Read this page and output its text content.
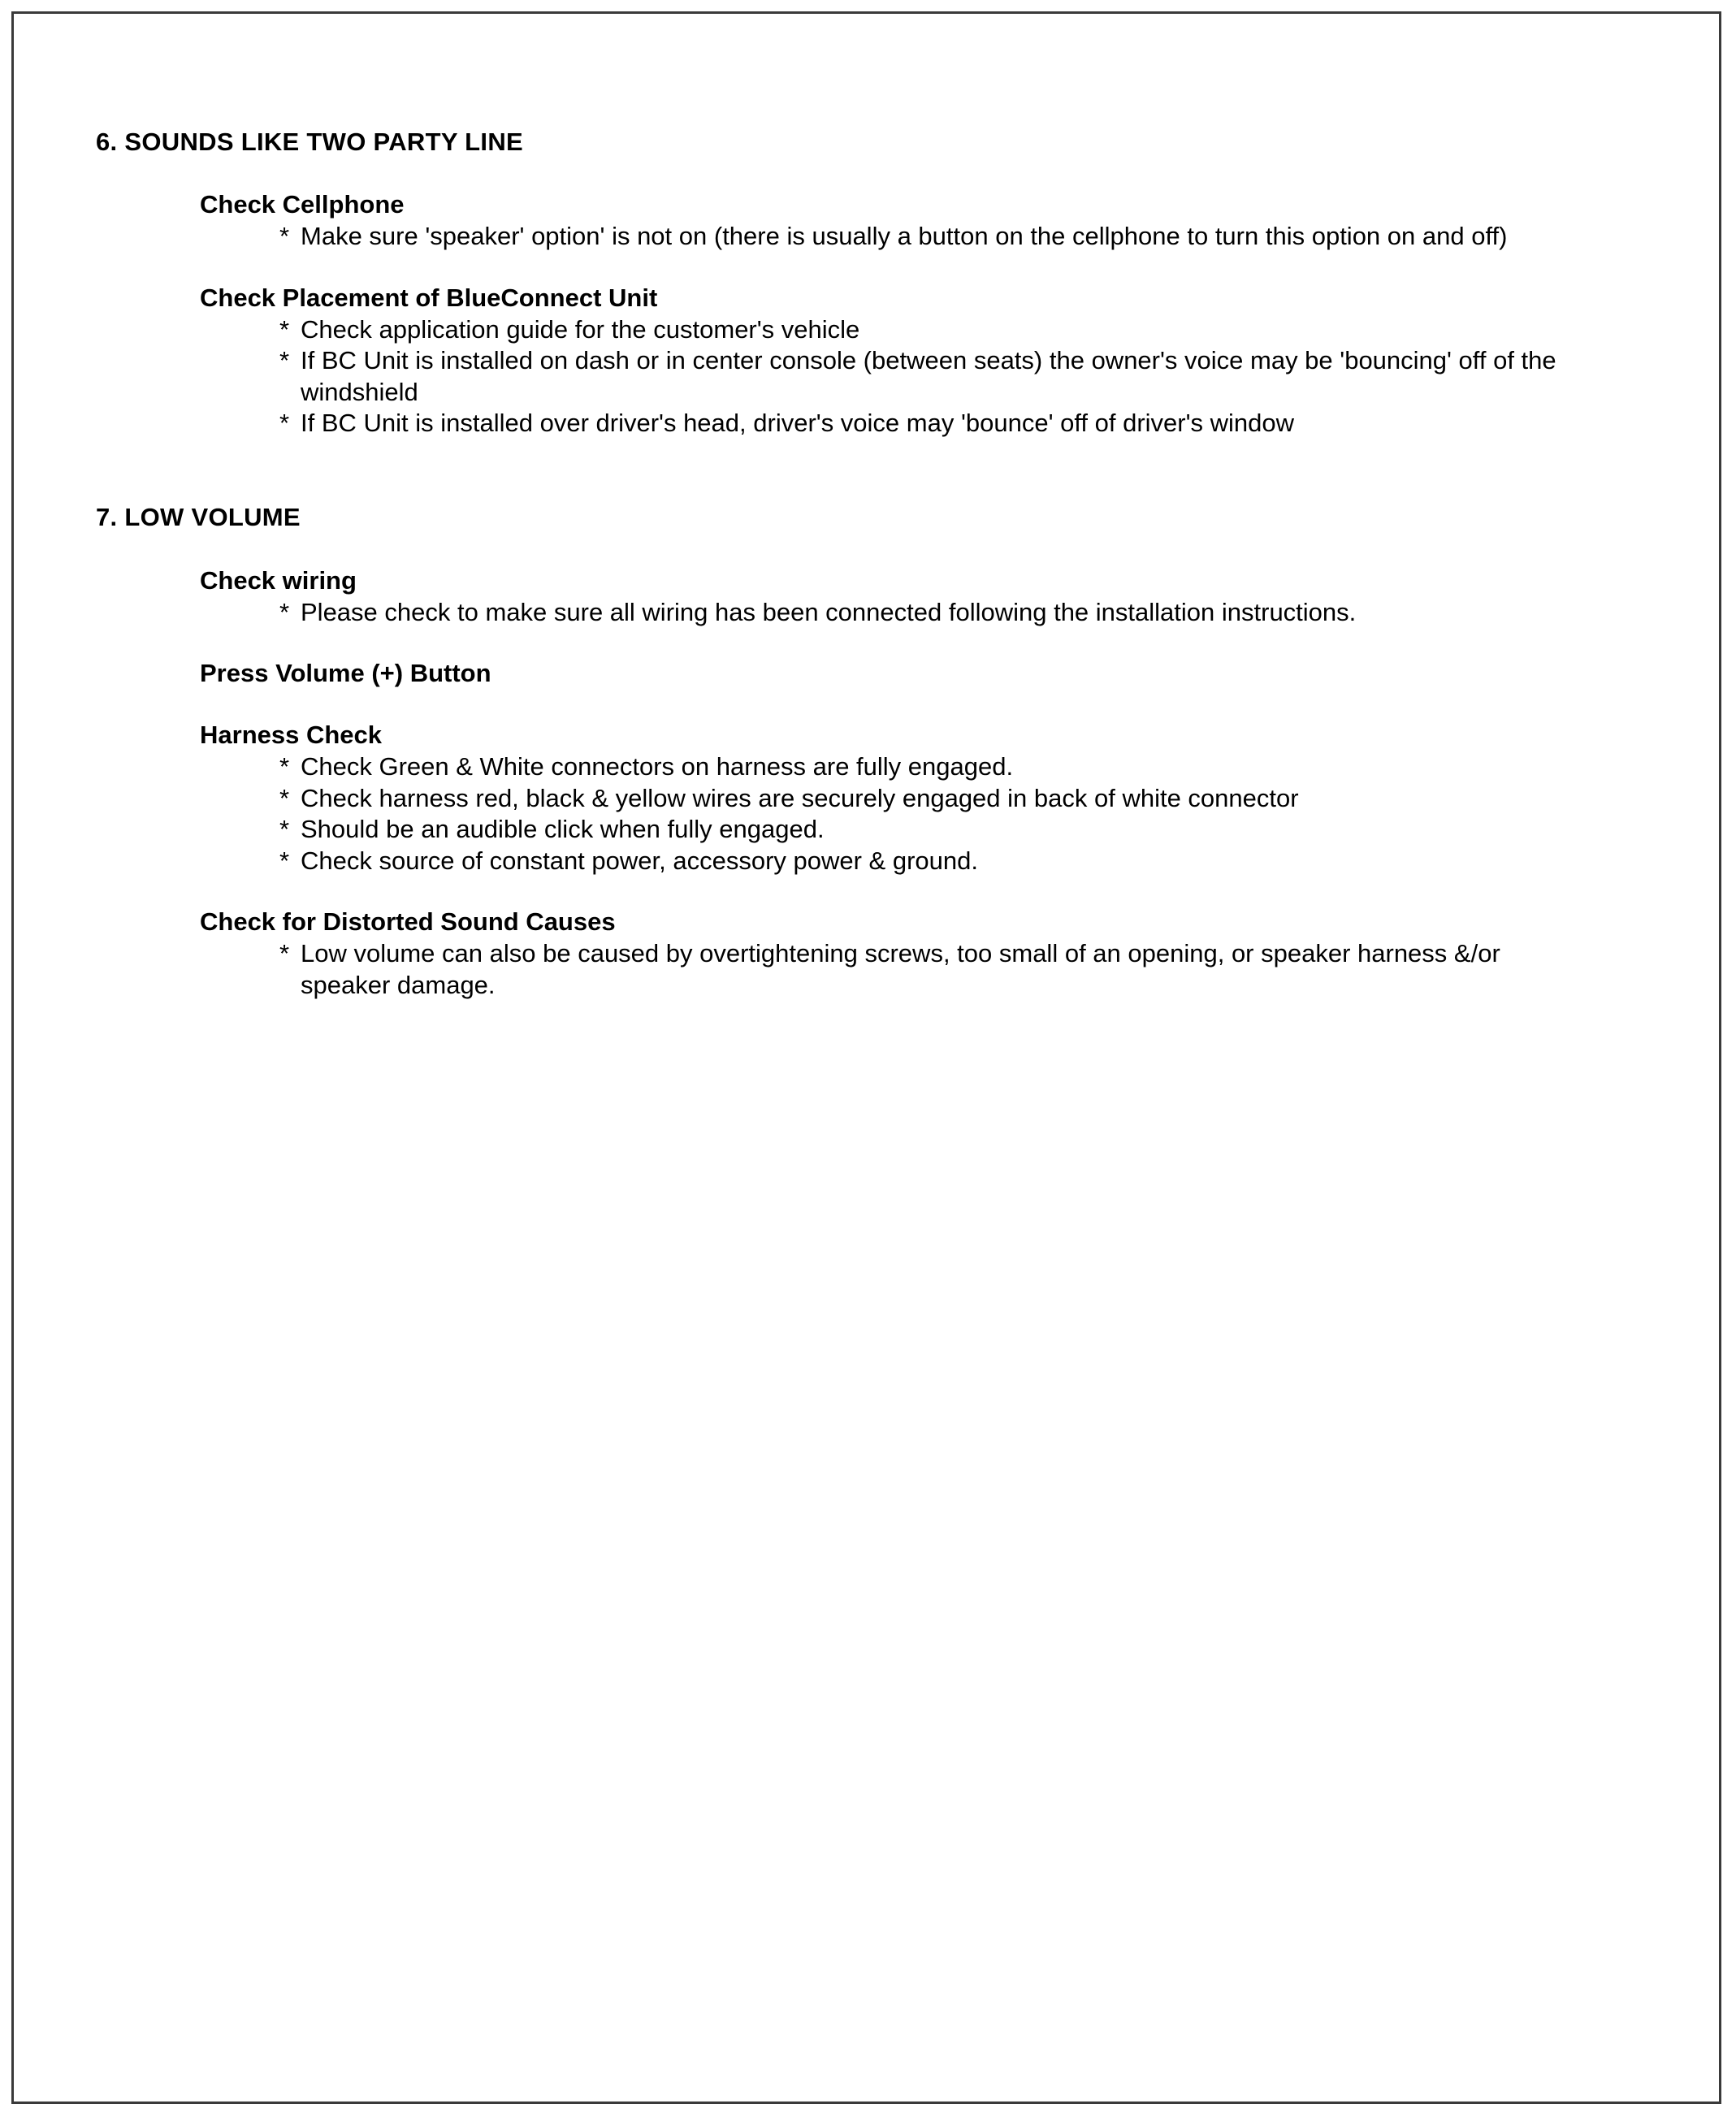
6. SOUNDS LIKE TWO PARTY LINE
Check Cellphone
* Make sure 'speaker' option' is not on (there is usually a button on the cellphone to turn this option on and off)
Check Placement of BlueConnect Unit
* Check application guide for the customer's vehicle
* If BC Unit is installed on dash or in center console (between seats) the owner's voice may be 'bouncing' off of the windshield
* If BC Unit is installed over driver's head, driver's voice may 'bounce' off of driver's window
7. LOW VOLUME
Check wiring
* Please check to make sure all wiring has been connected following the installation instructions.
Press Volume (+) Button
Harness Check
* Check Green & White connectors on harness are fully engaged.
* Check harness red, black & yellow wires are securely engaged in back of white connector
* Should be an audible click when fully engaged.
* Check source of constant power, accessory power & ground.
Check for Distorted Sound Causes
* Low volume can also be caused by overtightening screws, too small of an opening, or speaker harness &/or speaker damage.
